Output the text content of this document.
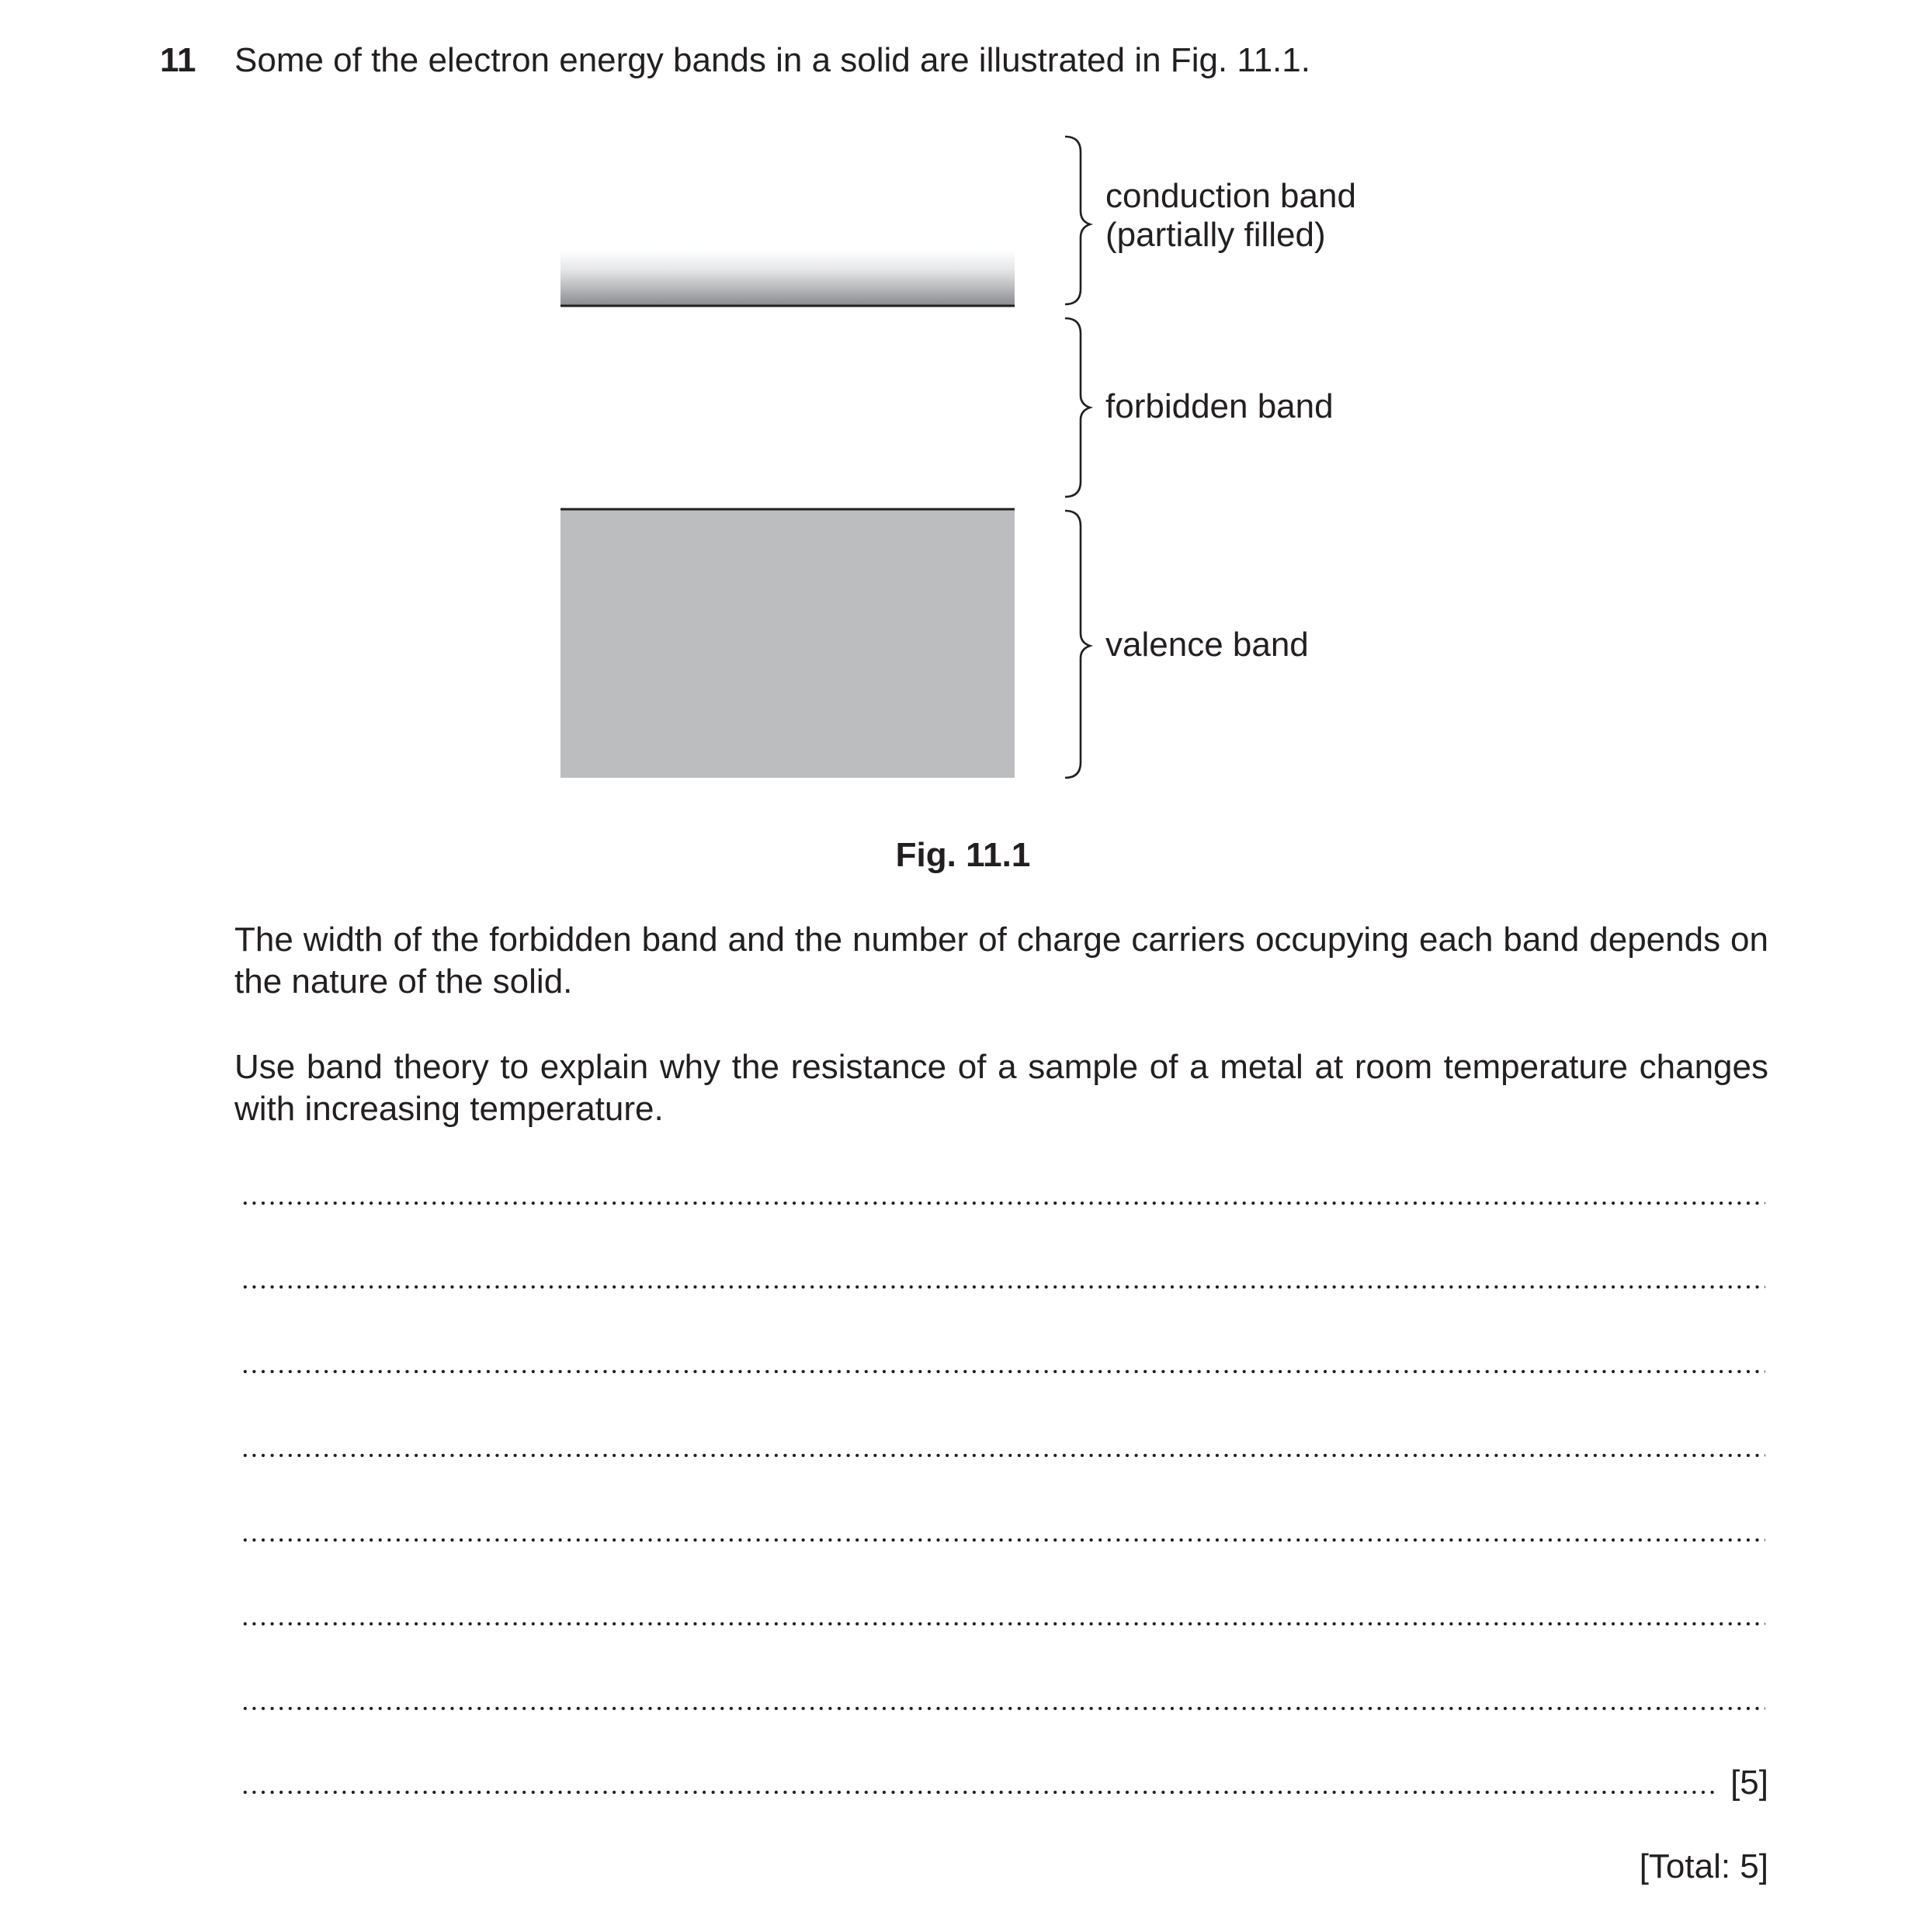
11 Some of the electron energy bands in a solid are illustrated in Fig. 11.1.
conduction band
(partially filled)
forbidden band
valence band
Fig. 11.1
The width of the forbidden band and the number of charge carriers occupying each band depends on the nature of the solid.
Use band theory to explain why the resistance of a sample of a metal at room temperature changes with increasing temperature.
[5]
[Total: 5]
